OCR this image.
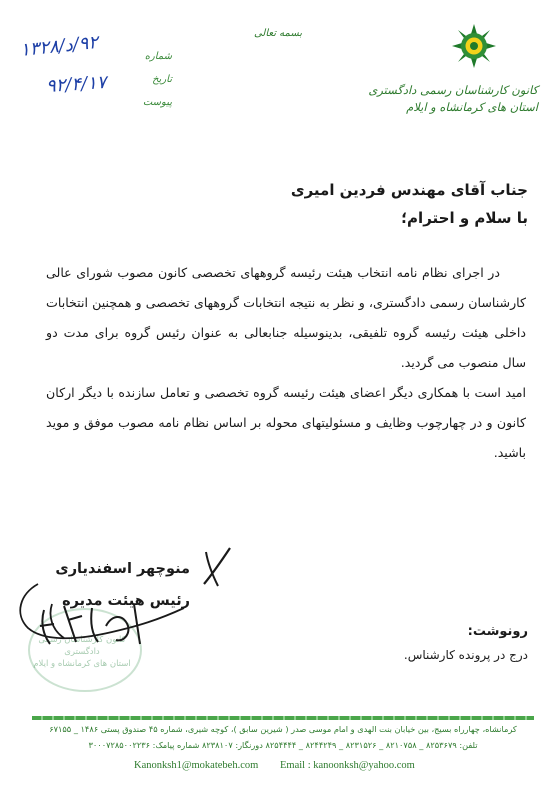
بسمه تعالی
کانون کارشناسان رسمی دادگستری
استان های کرمانشاه و ایلام
شماره
تاریخ
پیوست
۹۲/د/۱۳۲۸
۹۲/۴/۱۷
جناب آقای مهندس فردین امیری
با سلام و احترام؛

در اجرای نظام نامه انتخاب هیئت رئیسه گروههای تخصصی کانون مصوب شورای عالی کارشناسان رسمی دادگستری، و نظر به نتیجه انتخابات گروههای تخصصی و همچنین انتخابات داخلی هیئت رئیسه گروه تلفیقی، بدینوسیله جنابعالی به عنوان رئیس گروه برای مدت دو سال منصوب می گردید.

امید است با همکاری دیگر اعضای هیئت رئیسه گروه تخصصی و تعامل سازنده با دیگر ارکان کانون و در چهارچوب وظایف و مسئولیتهای محوله بر اساس نظام نامه مصوب موفق و موید باشید.

کانون کارشناسان رسمی دادگستری
استان های کرمانشاه و ایلام
منوچهر اسفندیاری
رئیس هیئت مدیره
رونوشت:
درج در پرونده کارشناس.
کرمانشاه، چهارراه بسیج، بین خیابان بنت الهدی و امام موسی صدر ( شیرین سابق )، کوچه شیری، شماره ۴۵ صندوق پستی ۱۴۸۶ _ ۶۷۱۵۵
تلفن: ۸۲۵۳۶۷۹ _ ۸۲۱۰۷۵۸ _ ۸۲۳۱۵۲۶ _ ۸۲۴۴۲۴۹ _ ۸۲۵۴۴۴۴ دورنگار: ۸۲۳۸۱۰۷ شماره پیامک: ۳۰۰۰۷۲۸۵۰۰۲۲۳۶
Email : kanoonksh@yahoo.com
Kanonksh1@mokatebeh.com
